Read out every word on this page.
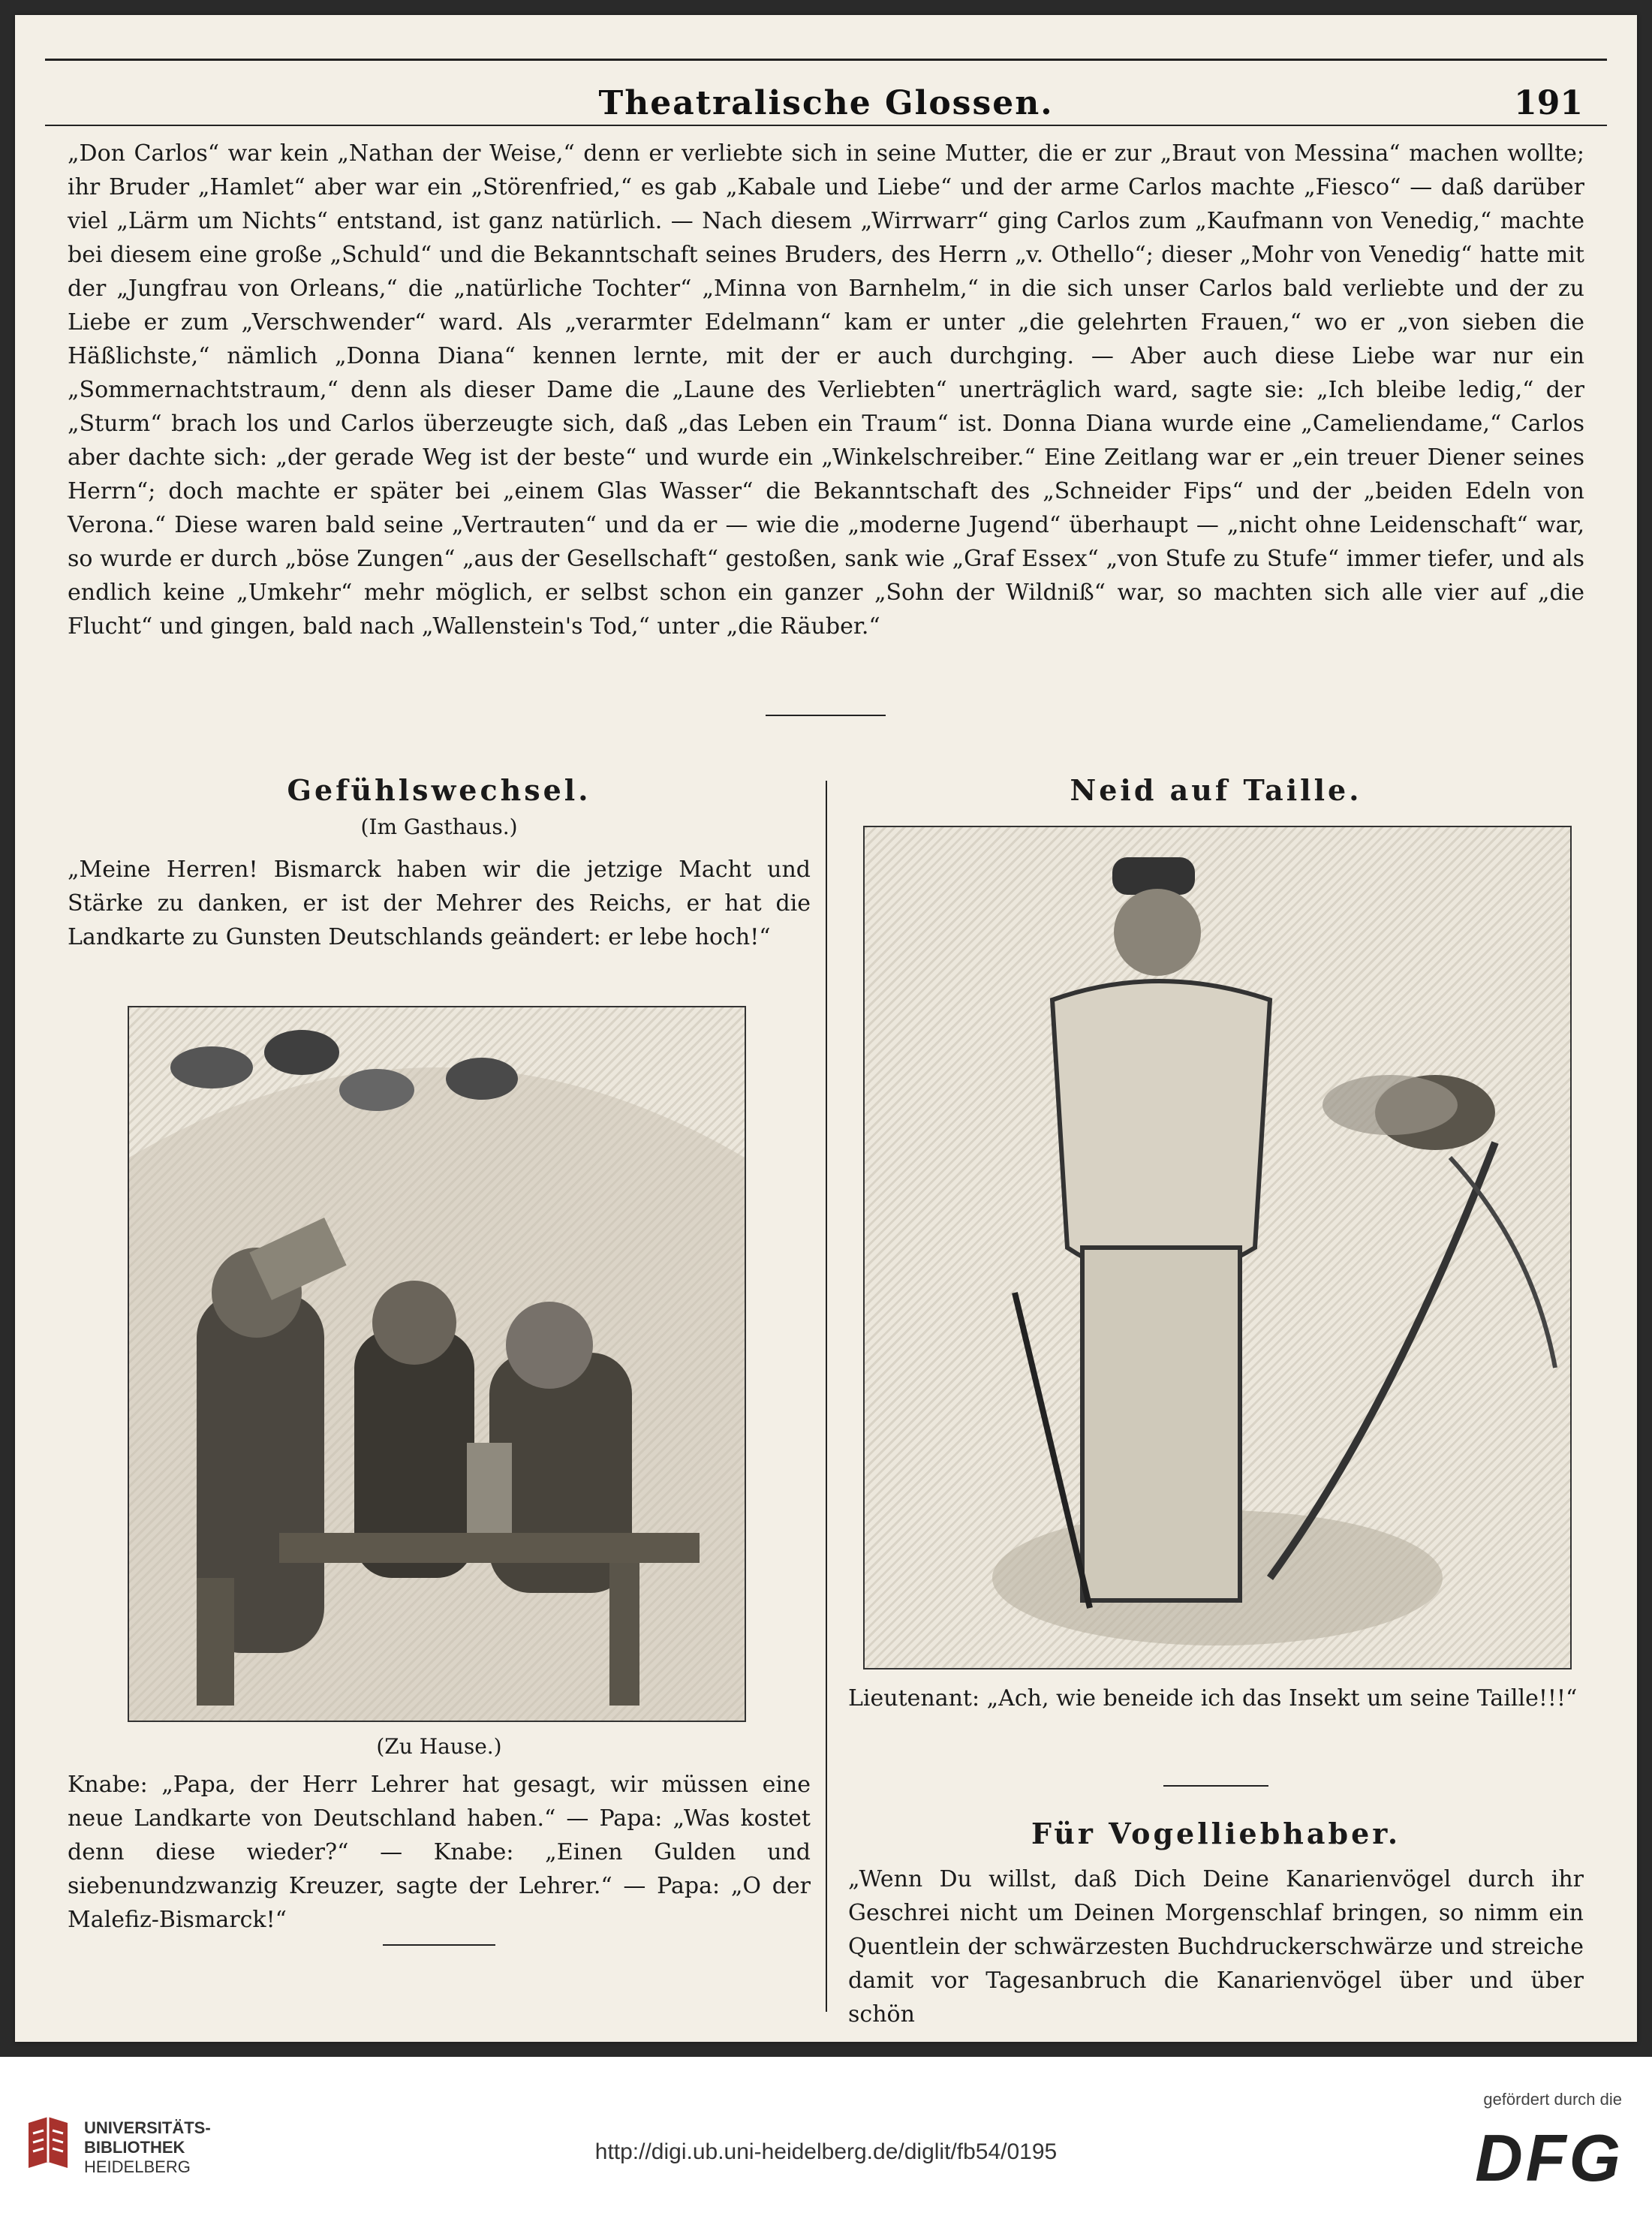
Theatralische Glossen.	191

„Don Carlos“ war kein „Nathan der Weise,“ denn er verliebte sich in seine Mutter, die er zur „Braut von Messina“ machen wollte; ihr Bruder „Hamlet“ aber war ein „Störenfried,“ es gab „Kabale und Liebe“ und der arme Carlos machte „Fiesco“ — daß darüber viel „Lärm um Nichts“ entstand, ist ganz natürlich. — Nach diesem „Wirrwarr“ ging Carlos zum „Kaufmann von Venedig,“ machte bei diesem eine große „Schuld“ und die Bekanntschaft seines Bruders, des Herrn „v. Othello“; dieser „Mohr von Venedig“ hatte mit der „Jungfrau von Orleans,“ die „natürliche Tochter“ „Minna von Barnhelm,“ in die sich unser Carlos bald verliebte und der zu Liebe er zum „Verschwender“ ward. Als „verarmter Edelmann“ kam er unter „die gelehrten Frauen,“ wo er „von sieben die Häßlichste,“ nämlich „Donna Diana“ kennen lernte, mit der er auch durchging. — Aber auch diese Liebe war nur ein „Sommernachtstraum,“ denn als dieser Dame die „Laune des Verliebten“ unerträglich ward, sagte sie: „Ich bleibe ledig,“ der „Sturm“ brach los und Carlos überzeugte sich, daß „das Leben ein Traum“ ist. Donna Diana wurde eine „Cameliendame,“ Carlos aber dachte sich: „der gerade Weg ist der beste“ und wurde ein „Winkelschreiber.“ Eine Zeitlang war er „ein treuer Diener seines Herrn“; doch machte er später bei „einem Glas Wasser“ die Bekanntschaft des „Schneider Fips“ und der „beiden Edeln von Verona.“ Diese waren bald seine „Vertrauten“ und da er — wie die „moderne Jugend“ überhaupt — „nicht ohne Leidenschaft“ war, so wurde er durch „böse Zungen“ „aus der Gesellschaft“ gestoßen, sank wie „Graf Essex“ „von Stufe zu Stufe“ immer tiefer, und als endlich keine „Umkehr“ mehr möglich, er selbst schon ein ganzer „Sohn der Wildniß“ war, so machten sich alle vier auf „die Flucht“ und gingen, bald nach „Wallenstein's Tod,“ unter „die Räuber.“

Gefühlswechsel.

(Im Gasthaus.)

„Meine Herren! Bismarck haben wir die jetzige Macht und Stärke zu danken, er ist der Mehrer des Reichs, er hat die Landkarte zu Gunsten Deutschlands geändert: er lebe hoch!“

(Zu Hause.)

Knabe: „Papa, der Herr Lehrer hat gesagt, wir müssen eine neue Landkarte von Deutschland haben.“ — Papa: „Was kostet denn diese wieder?“ — Knabe: „Einen Gulden und siebenundzwanzig Kreuzer, sagte der Lehrer.“ — Papa: „O der Malefiz-Bismarck!“

Neid auf Taille.

Lieutenant: „Ach, wie beneide ich das Insekt um seine Taille!!!“

Für Vogelliebhaber.

„Wenn Du willst, daß Dich Deine Kanarienvögel durch ihr Geschrei nicht um Deinen Morgenschlaf bringen, so nimm ein Quentlein der schwärzesten Buchdruckerschwärze und streiche damit vor Tagesanbruch die Kanarienvögel über und über schön

UNIVERSITÄTS-
BIBLIOTHEK
HEIDELBERG
http://digi.ub.uni-heidelberg.de/diglit/fb54/0195
gefördert durch die
DFG
